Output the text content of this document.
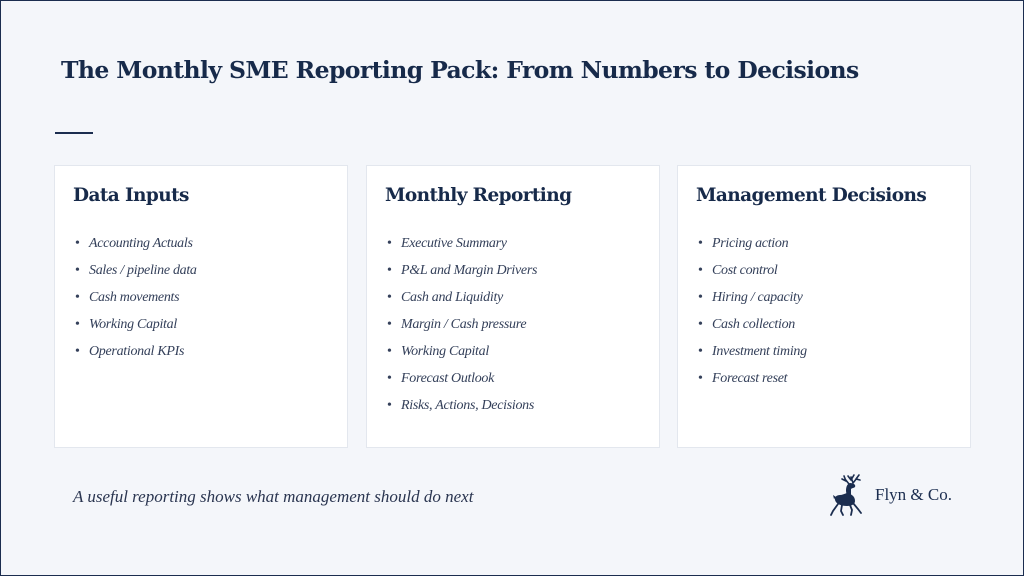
The Monthly SME Reporting Pack: From Numbers to Decisions
Data Inputs
• Accounting Actuals
• Sales / pipeline data
• Cash movements
• Working Capital
• Operational KPIs
Monthly Reporting
• Executive Summary
• P&L and Margin Drivers
• Cash and Liquidity
• Margin / Cash pressure
• Working Capital
• Forecast Outlook
• Risks, Actions, Decisions
Management Decisions
• Pricing action
• Cost control
• Hiring / capacity
• Cash collection
• Investment timing
• Forecast reset

A useful reporting shows what management should do next	Flyn & Co.
